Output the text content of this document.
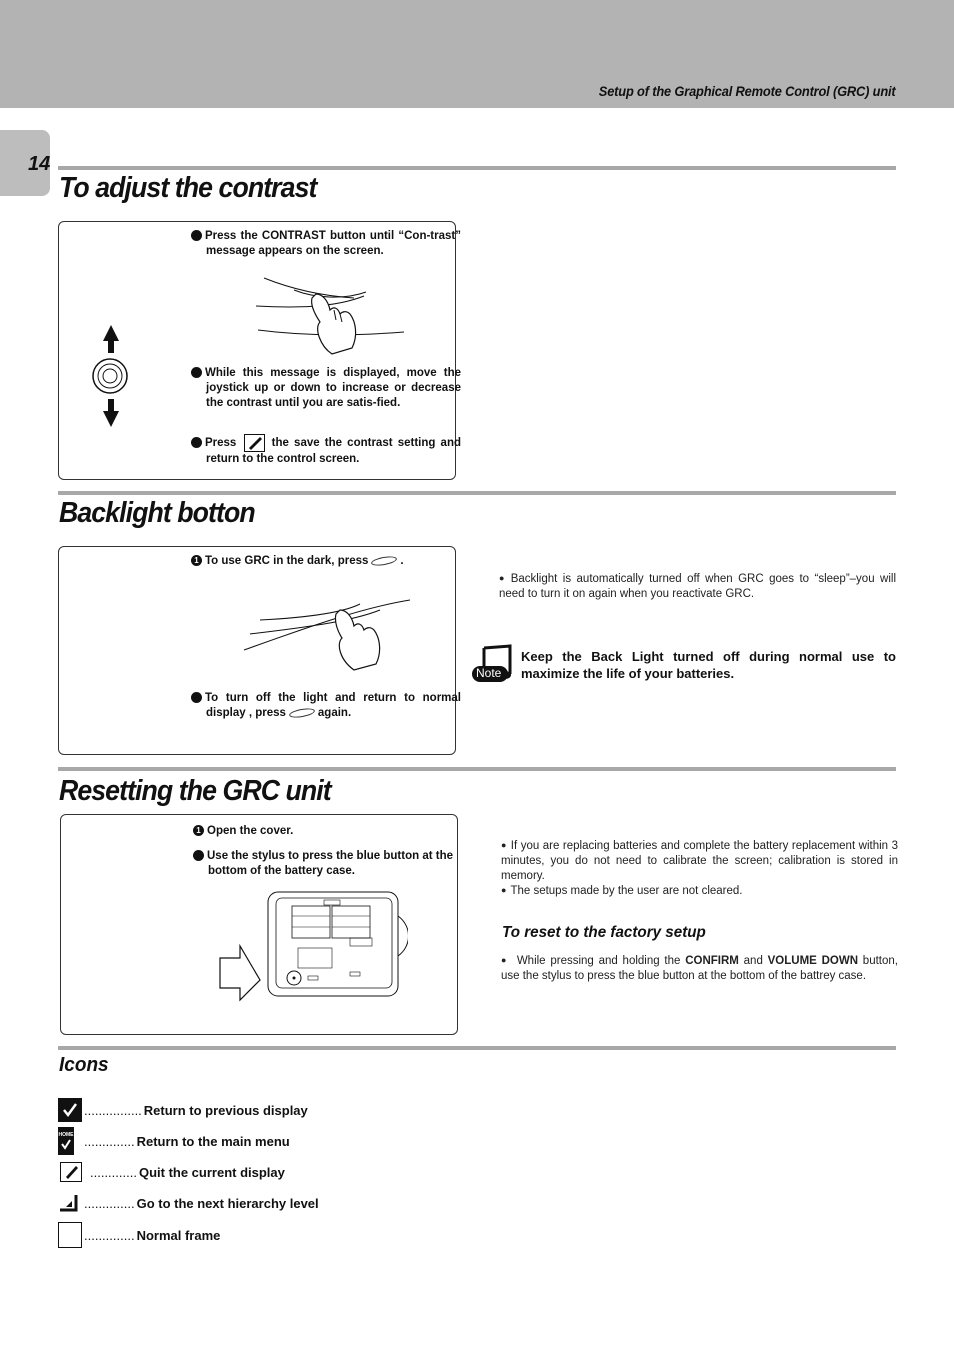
Setup of the Graphical Remote Control (GRC) unit
14
To adjust the contrast
1 Press the CONTRAST button until “Con-trast” message appears on the screen.
2 While this message is displayed, move the joystick up or down to increase or decrease the contrast until you are satis-fied.
3 Press	the save the contrast setting and return to the control screen.
Backlight botton
1 To use GRC in the dark, press	.
2 To turn off the light and return to normal display , press	again.
● Backlight is automatically turned off when GRC goes to “sleep”–you will need to turn it on again when you reactivate GRC.
Note
Keep the Back Light turned off during normal use to maximize the life of your batteries.
Resetting the GRC unit
1 Open the cover.
2 Use the stylus to press the blue button at the bottom of the battery case.
● If you are replacing batteries and complete the battery replacement within 3 minutes, you do not need to calibrate the screen; calibration is stored in memory.
● The setups made by the user are not cleared.
To reset to the factory setup
● While pressing and holding the CONFIRM and VOLUME DOWN button, use the stylus to press the blue button at the bottom of the battrey case.
Icons
................ Return to previous display
HOME .............. Return to the main menu
............. Quit the current display
.............. Go to the next hierarchy level
.............. Normal frame
